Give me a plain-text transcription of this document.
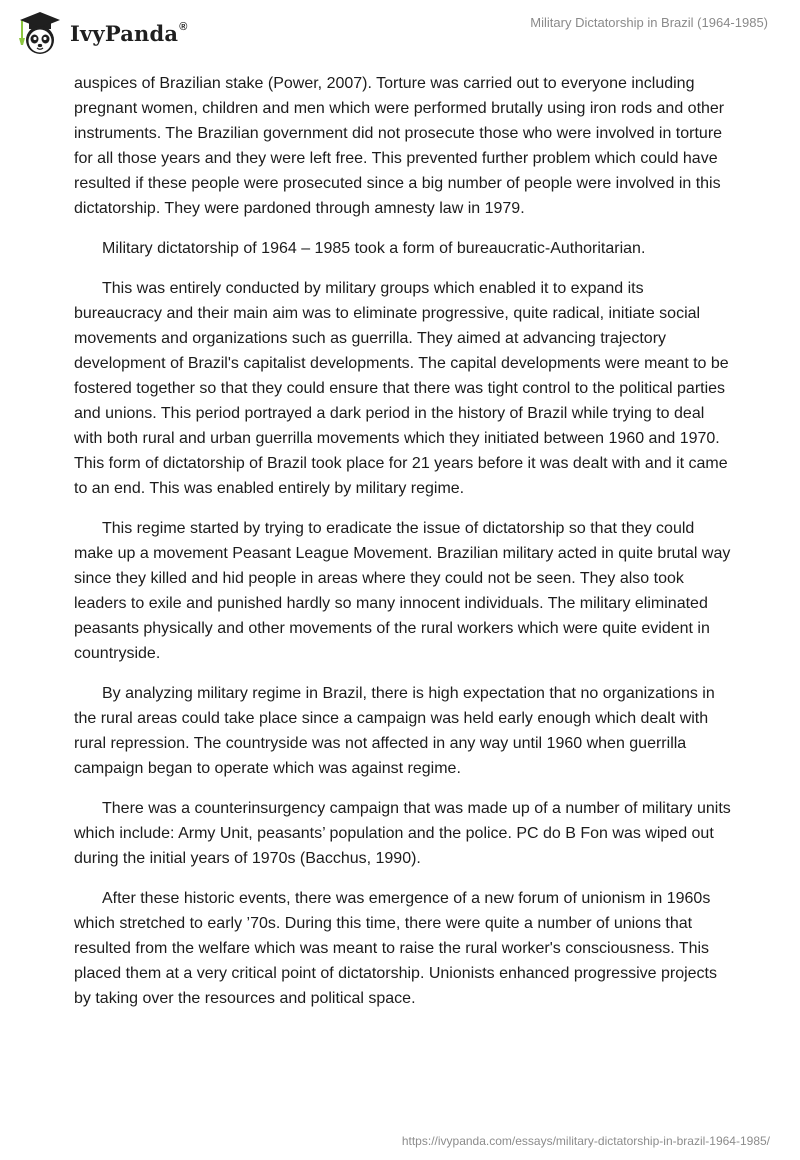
IvyPanda®	Military Dictatorship in Brazil (1964-1985)

auspices of Brazilian stake (Power, 2007). Torture was carried out to everyone including pregnant women, children and men which were performed brutally using iron rods and other instruments. The Brazilian government did not prosecute those who were involved in torture for all those years and they were left free. This prevented further problem which could have resulted if these people were prosecuted since a big number of people were involved in this dictatorship. They were pardoned through amnesty law in 1979.

Military dictatorship of 1964 – 1985 took a form of bureaucratic-Authoritarian.

This was entirely conducted by military groups which enabled it to expand its bureaucracy and their main aim was to eliminate progressive, quite radical, initiate social movements and organizations such as guerrilla. They aimed at advancing trajectory development of Brazil's capitalist developments. The capital developments were meant to be fostered together so that they could ensure that there was tight control to the political parties and unions. This period portrayed a dark period in the history of Brazil while trying to deal with both rural and urban guerrilla movements which they initiated between 1960 and 1970. This form of dictatorship of Brazil took place for 21 years before it was dealt with and it came to an end. This was enabled entirely by military regime.

This regime started by trying to eradicate the issue of dictatorship so that they could make up a movement Peasant League Movement. Brazilian military acted in quite brutal way since they killed and hid people in areas where they could not be seen. They also took leaders to exile and punished hardly so many innocent individuals. The military eliminated peasants physically and other movements of the rural workers which were quite evident in countryside.

By analyzing military regime in Brazil, there is high expectation that no organizations in the rural areas could take place since a campaign was held early enough which dealt with rural repression. The countryside was not affected in any way until 1960 when guerrilla campaign began to operate which was against regime.

There was a counterinsurgency campaign that was made up of a number of military units which include: Army Unit, peasants’ population and the police. PC do B Fon was wiped out during the initial years of 1970s (Bacchus, 1990).

After these historic events, there was emergence of a new forum of unionism in 1960s which stretched to early ’70s. During this time, there were quite a number of unions that resulted from the welfare which was meant to raise the rural worker's consciousness. This placed them at a very critical point of dictatorship. Unionists enhanced progressive projects by taking over the resources and political space.

https://ivypanda.com/essays/military-dictatorship-in-brazil-1964-1985/
